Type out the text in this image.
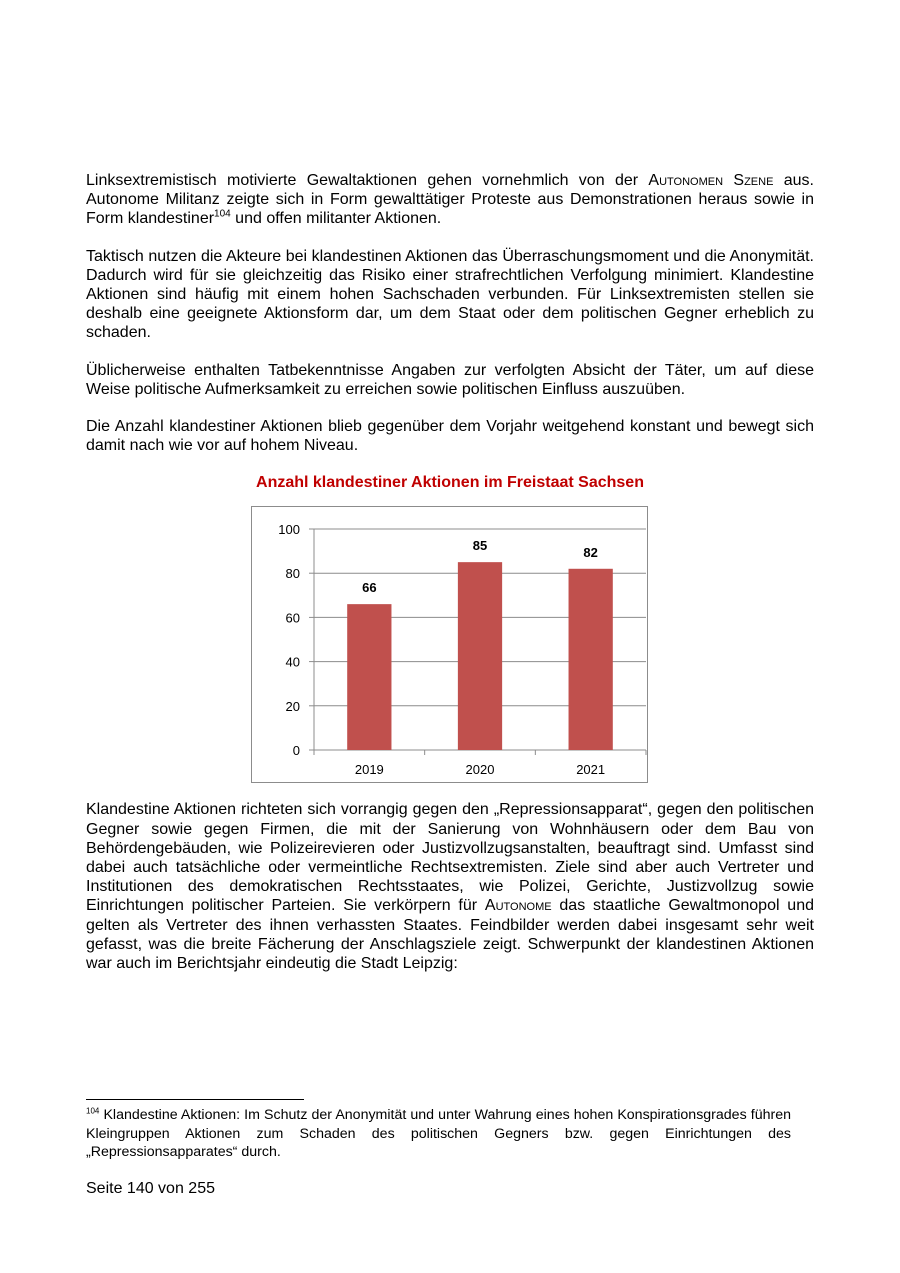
Linksextremistisch motivierte Gewaltaktionen gehen vornehmlich von der Autonomen Szene aus. Autonome Militanz zeigte sich in Form gewalttätiger Proteste aus Demonstrationen heraus sowie in Form klandestiner$^{104}$ und offen militanter Aktionen.

Taktisch nutzen die Akteure bei klandestinen Aktionen das Überraschungsmoment und die Anonymität. Dadurch wird für sie gleichzeitig das Risiko einer strafrechtlichen Verfolgung minimiert. Klandestine Aktionen sind häufig mit einem hohen Sachschaden verbunden. Für Linksextremisten stellen sie deshalb eine geeignete Aktionsform dar, um dem Staat oder dem politischen Gegner erheblich zu schaden.

Üblicherweise enthalten Tatbekenntnisse Angaben zur verfolgten Absicht der Täter, um auf diese Weise politische Aufmerksamkeit zu erreichen sowie politischen Einfluss auszuüben.

Die Anzahl klandestiner Aktionen blieb gegenüber dem Vorjahr weitgehend konstant und bewegt sich damit nach wie vor auf hohem Niveau.

Anzahl klandestiner Aktionen im Freistaat Sachsen
0
20
40
60
80
100
66
2019
85
2020
82
2021

Klandestine Aktionen richteten sich vorrangig gegen den „Repressionsapparat“, gegen den politischen Gegner sowie gegen Firmen, die mit der Sanierung von Wohnhäusern oder dem Bau von Behördengebäuden, wie Polizeirevieren oder Justizvollzugsanstalten, beauftragt sind. Umfasst sind dabei auch tatsächliche oder vermeintliche Rechtsextremisten. Ziele sind aber auch Vertreter und Institutionen des demokratischen Rechtsstaates, wie Polizei, Gerichte, Justizvollzug sowie Einrichtungen politischer Parteien. Sie verkörpern für Autonome das staatliche Gewaltmonopol und gelten als Vertreter des ihnen verhassten Staates. Feindbilder werden dabei insgesamt sehr weit gefasst, was die breite Fächerung der Anschlagsziele zeigt. Schwerpunkt der klandestinen Aktionen war auch im Berichtsjahr eindeutig die Stadt Leipzig:

$^{104}$ Klandestine Aktionen: Im Schutz der Anonymität und unter Wahrung eines hohen Konspirationsgrades führen Kleingruppen Aktionen zum Schaden des politischen Gegners bzw. gegen Einrichtungen des „Repressionsapparates“ durch.

Seite 140 von 255
